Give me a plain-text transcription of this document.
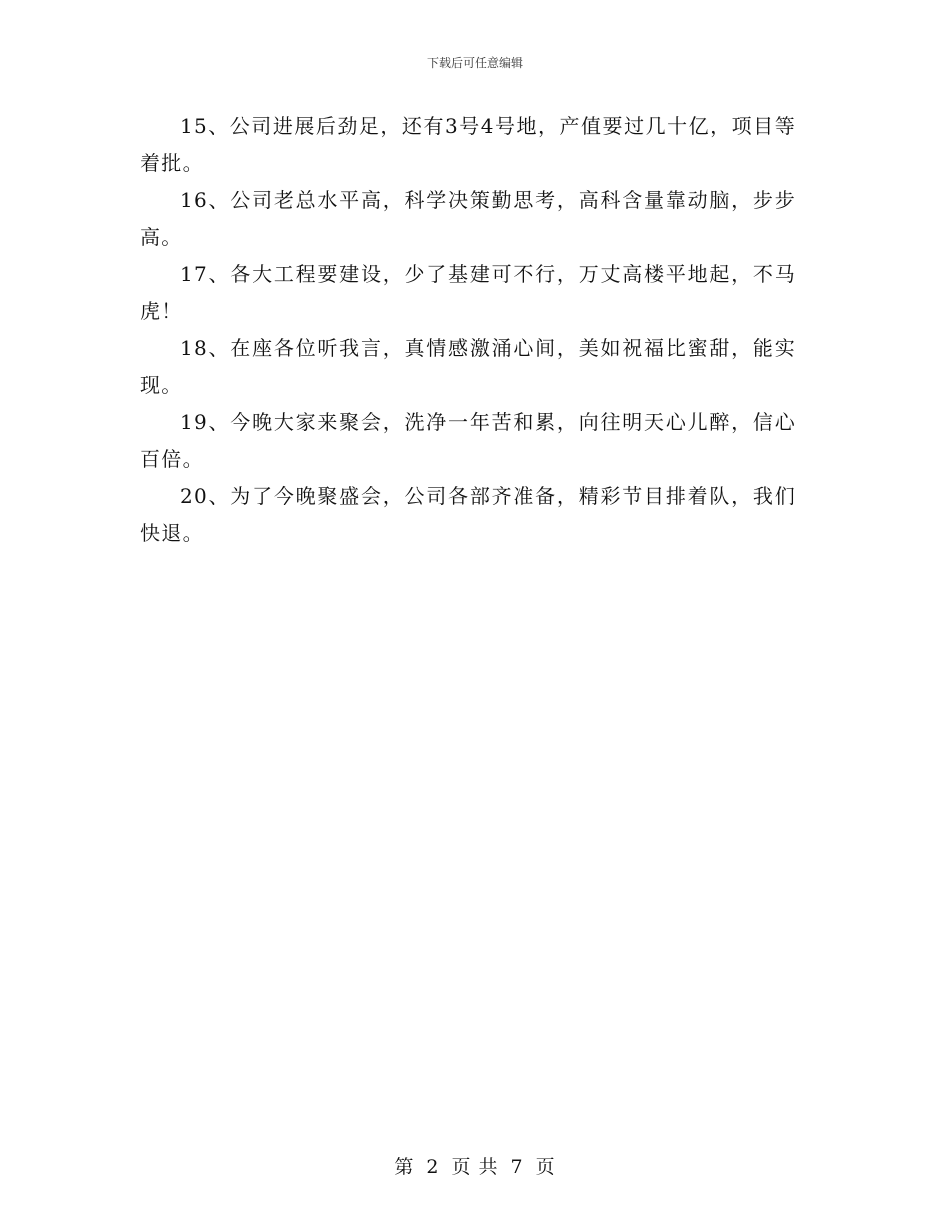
下载后可任意编辑

15、公司进展后劲足，还有3号4号地，产值要过几十亿，项目等着批。

16、公司老总水平高，科学决策勤思考，高科含量靠动脑，步步高。

17、各大工程要建设，少了基建可不行，万丈高楼平地起，不马虎！

18、在座各位听我言，真情感激涌心间，美如祝福比蜜甜，能实现。

19、今晚大家来聚会，洗净一年苦和累，向往明天心儿醉，信心百倍。

20、为了今晚聚盛会，公司各部齐准备，精彩节目排着队，我们快退。

第 2 页 共 7 页
